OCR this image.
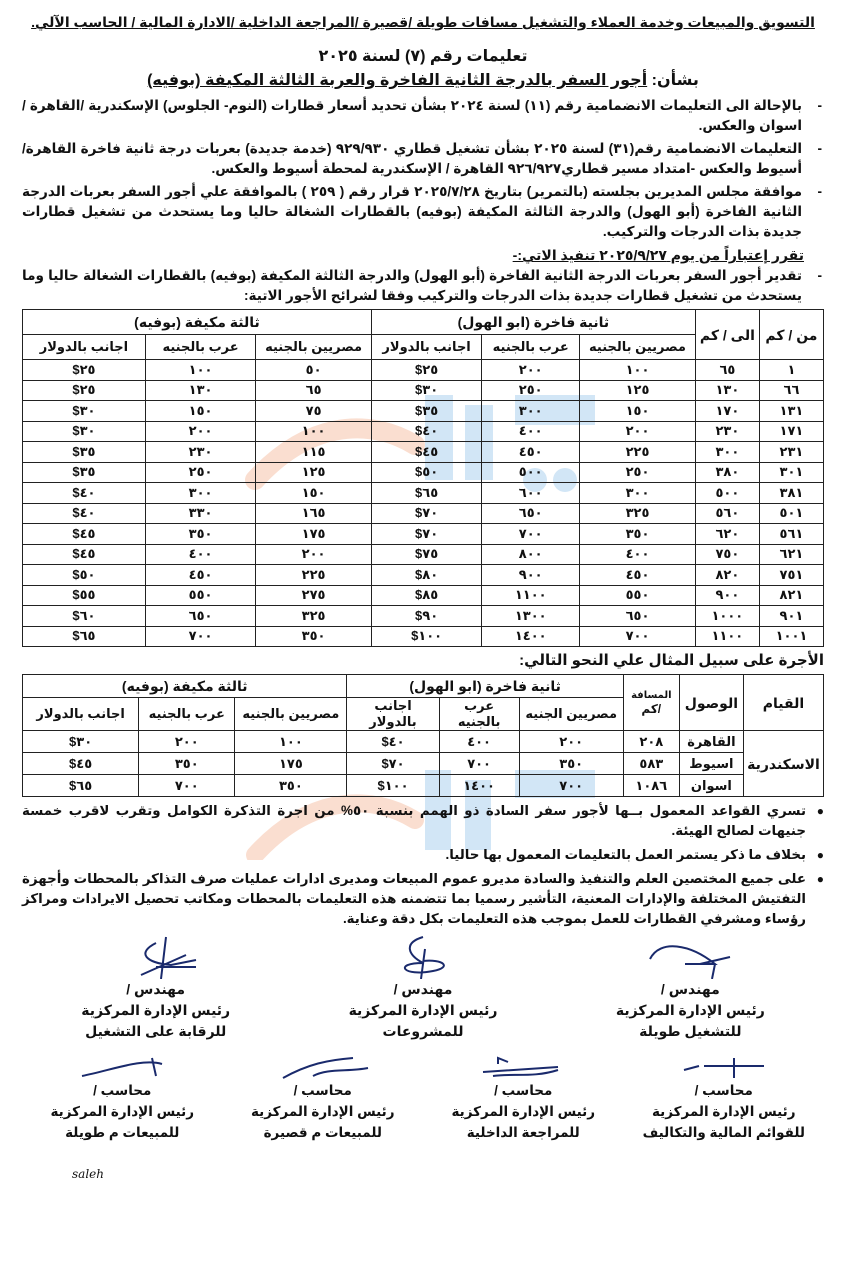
التسويق والمبيعات وخدمة العملاء والتشغيل مسافات طويلة /قصيرة /المراجعة الداخلية /الادارة المالية / الحاسب الآلي.
تعليمات رقم (٧) لسنة ٢٠٢٥
بشأن: أجور السفر بالدرجة الثانية الفاخرة والعربة الثالثة المكيفة (بوفيه)
-
بالإحالة الى التعليمات الانضمامية رقم (١١) لسنة ٢٠٢٤ بشأن تحديد أسعار قطارات (النوم- الجلوس) الإسكندرية /القاهرة /اسوان والعكس.
-
التعليمات الانضمامية رقم(٣١) لسنة ٢٠٢٥ بشأن تشغيل قطاري ٩٢٩/٩٣٠ (خدمة جديدة) بعربات درجة ثانية فاخرة القاهرة/ أسيوط والعكس -امتداد مسير قطاري٩٢٦/٩٢٧ القاهرة / الإسكندرية لمحطة أسيوط والعكس.
-
موافقة مجلس المديرين بجلسته (بالتمرير) بتاريخ ٢٠٢٥/٧/٢٨ قرار رقم ( ٢٥٩ ) بالموافقة علي أجور السفر بعربات الدرجة الثانية الفاخرة (أبو الهول) والدرجة الثالثة المكيفة (بوفيه) بالقطارات الشغالة حاليا وما يستحدث من تشغيل قطارات جديدة بذات الدرجات والتركيب.
تقرر إعتباراً من يوم ٢٠٢٥/٩/٢٧ تنفيذ الاتي:-
-
تقدير أجور السفر بعربات الدرجة الثانية الفاخرة (أبو الهول) والدرجة الثالثة المكيفة (بوفيه) بالقطارات الشغالة حاليا وما يستحدث من تشغيل قطارات جديدة بذات الدرجات والتركيب وفقا لشرائح الأجور الاتية:
من / كم	الى / كم	ثانية فاخرة (ابو الهول)			ثالثة مكيفة (بوفيه)		
		مصريين بالجنيه	عرب بالجنيه	اجانب بالدولار	مصريين بالجنيه	عرب بالجنيه	اجانب بالدولار
١	٦٥	١٠٠	٢٠٠	$٢٥	٥٠	١٠٠	$٢٥
٦٦	١٣٠	١٢٥	٢٥٠	$٣٠	٦٥	١٣٠	$٢٥
١٣١	١٧٠	١٥٠	٣٠٠	$٣٥	٧٥	١٥٠	$٣٠
١٧١	٢٣٠	٢٠٠	٤٠٠	$٤٠	١٠٠	٢٠٠	$٣٠
٢٣١	٣٠٠	٢٢٥	٤٥٠	$٤٥	١١٥	٢٣٠	$٣٥
٣٠١	٣٨٠	٢٥٠	٥٠٠	$٥٠	١٢٥	٢٥٠	$٣٥
٣٨١	٥٠٠	٣٠٠	٦٠٠	$٦٥	١٥٠	٣٠٠	$٤٠
٥٠١	٥٦٠	٣٢٥	٦٥٠	$٧٠	١٦٥	٣٣٠	$٤٠
٥٦١	٦٢٠	٣٥٠	٧٠٠	$٧٠	١٧٥	٣٥٠	$٤٥
٦٢١	٧٥٠	٤٠٠	٨٠٠	$٧٥	٢٠٠	٤٠٠	$٤٥
٧٥١	٨٢٠	٤٥٠	٩٠٠	$٨٠	٢٢٥	٤٥٠	$٥٠
٨٢١	٩٠٠	٥٥٠	١١٠٠	$٨٥	٢٧٥	٥٥٠	$٥٥
٩٠١	١٠٠٠	٦٥٠	١٣٠٠	$٩٠	٣٢٥	٦٥٠	$٦٠
١٠٠١	١١٠٠	٧٠٠	١٤٠٠	$١٠٠	٣٥٠	٧٠٠	$٦٥
الأجرة على سبيل المثال علي النحو التالي:
القيام	الوصول	المسافة
/كم	ثانية فاخرة (ابو الهول)			ثالثة مكيفة (بوفيه)		
			مصريين الجنيه	عرب بالجنيه	اجانب بالدولار	مصريين بالجنيه	عرب بالجنيه	اجانب بالدولار
الاسكندرية	القاهرة	٢٠٨	٢٠٠	٤٠٠	$٤٠	١٠٠	٢٠٠	$٣٠
	اسيوط	٥٨٣	٣٥٠	٧٠٠	$٧٠	١٧٥	٣٥٠	$٤٥
	اسوان	١٠٨٦	٧٠٠	١٤٠٠	$١٠٠	٣٥٠	٧٠٠	$٦٥
●
تسري القواعد المعمول بــها لأجور سفر السادة ذو الهمم بنسبة ٥٠% من اجرة التذكرة الكوامل وتقرب لاقرب خمسة جنيهات لصالح الهيئة.
●
بخلاف ما ذكر يستمر العمل بالتعليمات المعمول بها حاليا.
●
على جميع المختصين العلم والتنفيذ والسادة مديرو عموم المبيعات ومديرى ادارات عمليات صرف التذاكر بالمحطات وأجهزة التفتيش المختلفة والإدارات المعنية، التأشير رسميا بما تتضمنه هذه التعليمات بالمحطات ومكاتب تحصيل الايرادات ومراكز رؤساء ومشرفي القطارات للعمل بموجب هذه التعليمات بكل دقة وعناية.
مهندس /
رئيس الإدارة المركزية
للتشغيل طويلة
مهندس /
رئيس الإدارة المركزية
للمشروعات
مهندس /
رئيس الإدارة المركزية
للرقابة على التشغيل
محاسب /
رئيس الإدارة المركزية
للقوائم المالية والتكاليف
محاسب /
رئيس الإدارة المركزية
للمراجعة الداخلية
محاسب /
رئيس الإدارة المركزية
للمبيعات م قصيرة
محاسب /
رئيس الإدارة المركزية
للمبيعات م طويلة
saleh
